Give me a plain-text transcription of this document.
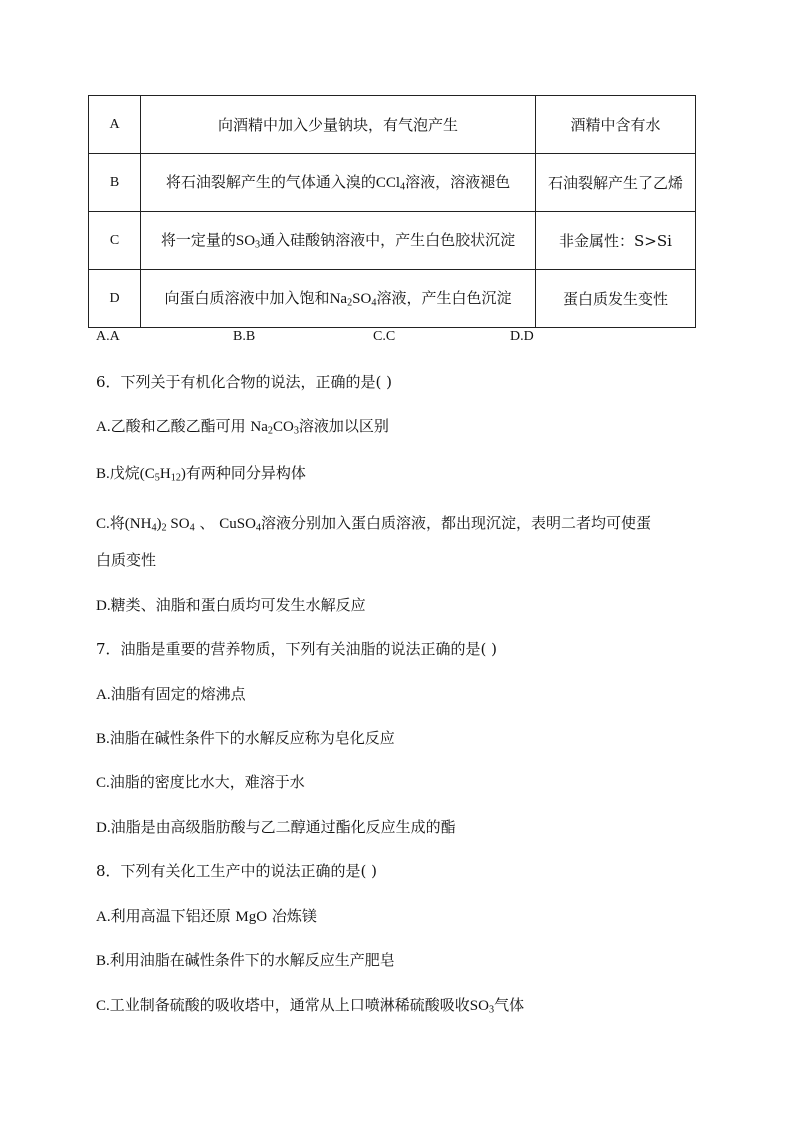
A	向酒精中加入少量钠块，有气泡产生	酒精中含有水
B	将石油裂解产生的气体通入溴的CCl$_4$溶液，溶液褪色	石油裂解产生了乙烯
C	将一定量的$SO_3$通入硅酸钠溶液中，产生白色胶状沉淀	非金属性：S>Si
D	向蛋白质溶液中加入饱和$Na_2SO_4$溶液，产生白色沉淀	蛋白质发生变性
A.A	B.B	C.C	D.D
6．下列关于有机化合物的说法，正确的是( )
A.乙酸和乙酸乙酯可用 $Na_2CO_3$溶液加以区别
B.戊烷$(C_5H_{12})$有两种同分异构体
C.将$(NH_4)_2$ $SO_4$ 、 CuSO$_4$溶液分别加入蛋白质溶液，都出现沉淀，表明二者均可使蛋
白质变性
D.糖类、油脂和蛋白质均可发生水解反应
7．油脂是重要的营养物质，下列有关油脂的说法正确的是( )
A.油脂有固定的熔沸点
B.油脂在碱性条件下的水解反应称为皂化反应
C.油脂的密度比水大，难溶于水
D.油脂是由高级脂肪酸与乙二醇通过酯化反应生成的酯
8．下列有关化工生产中的说法正确的是( )
A.利用高温下铝还原 MgO 冶炼镁
B.利用油脂在碱性条件下的水解反应生产肥皂
C.工业制备硫酸的吸收塔中，通常从上口喷淋稀硫酸吸收$SO_3$气体
